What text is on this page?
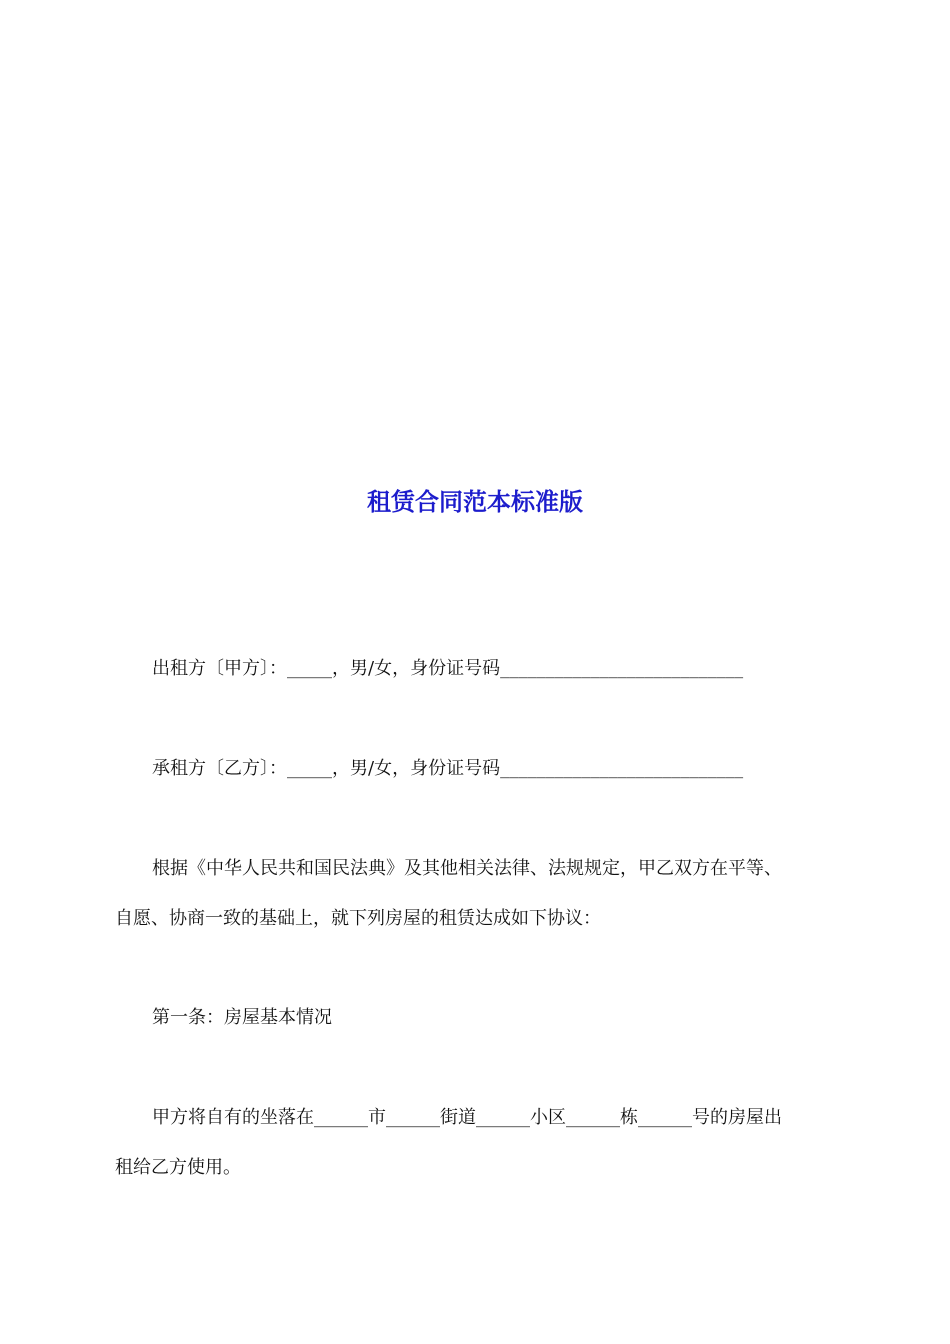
租赁合同范本标准版
出租方〔甲方〕：_____，男/女，身份证号码___________________________
承租方〔乙方〕：_____，男/女，身份证号码___________________________
根据《中华人民共和国民法典》及其他相关法律、法规规定，甲乙双方在平等、
自愿、协商一致的基础上，就下列房屋的租赁达成如下协议：
第一条：房屋基本情况
甲方将自有的坐落在______市______街道______小区______栋______号的房屋出
租给乙方使用。
